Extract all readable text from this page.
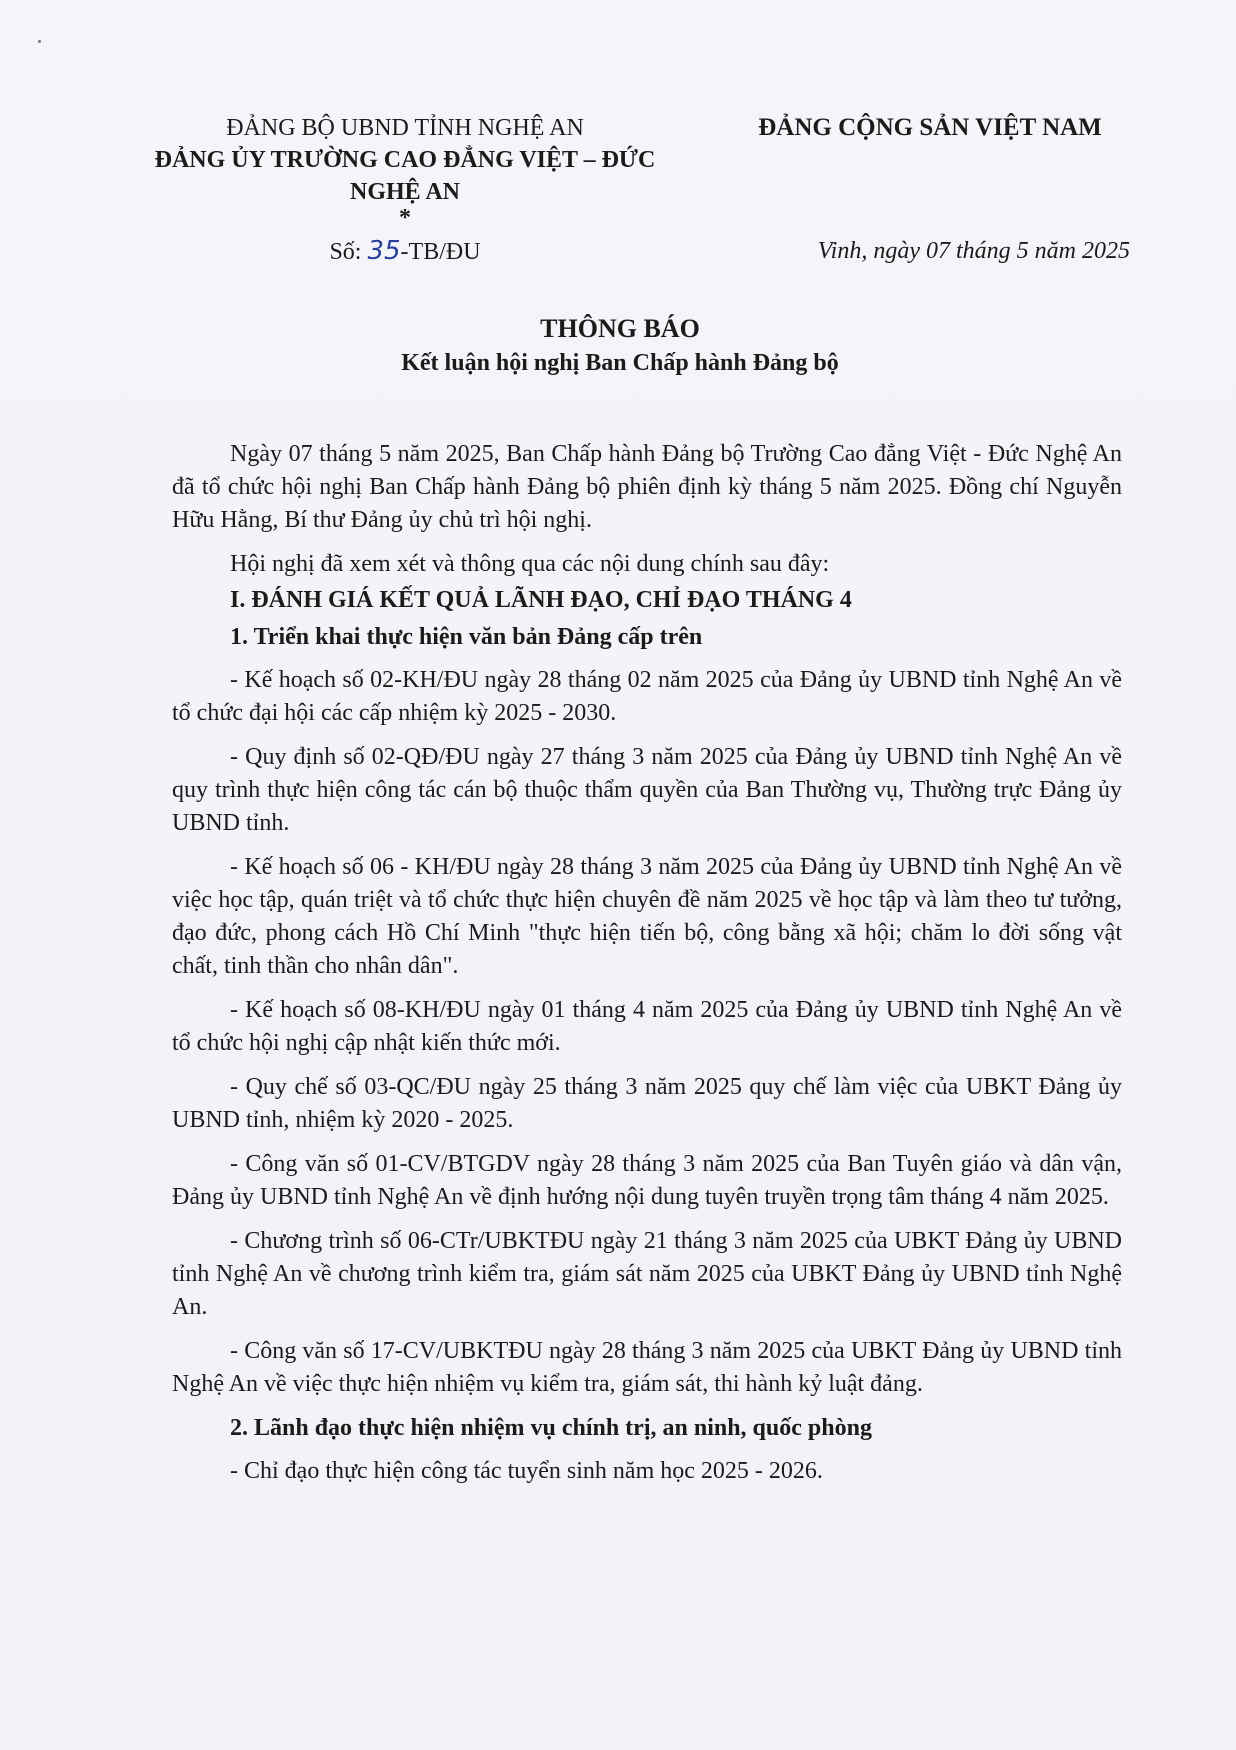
ĐẢNG BỘ UBND TỈNH NGHỆ AN
ĐẢNG ỦY TRƯỜNG CAO ĐẲNG VIỆT – ĐỨC
NGHỆ AN
*
ĐẢNG CỘNG SẢN VIỆT NAM
Số: 35-TB/ĐU	Vinh, ngày 07 tháng 5 năm 2025
THÔNG BÁO
Kết luận hội nghị Ban Chấp hành Đảng bộ

Ngày 07 tháng 5 năm 2025, Ban Chấp hành Đảng bộ Trường Cao đẳng Việt - Đức Nghệ An đã tổ chức hội nghị Ban Chấp hành Đảng bộ phiên định kỳ tháng 5 năm 2025. Đồng chí Nguyễn Hữu Hằng, Bí thư Đảng ủy chủ trì hội nghị.

Hội nghị đã xem xét và thông qua các nội dung chính sau đây:

I. ĐÁNH GIÁ KẾT QUẢ LÃNH ĐẠO, CHỈ ĐẠO THÁNG 4
1. Triển khai thực hiện văn bản Đảng cấp trên

- Kế hoạch số 02-KH/ĐU ngày 28 tháng 02 năm 2025 của Đảng ủy UBND tỉnh Nghệ An về tổ chức đại hội các cấp nhiệm kỳ 2025 - 2030.

- Quy định số 02-QĐ/ĐU ngày 27 tháng 3 năm 2025 của Đảng ủy UBND tỉnh Nghệ An về quy trình thực hiện công tác cán bộ thuộc thẩm quyền của Ban Thường vụ, Thường trực Đảng ủy UBND tỉnh.

- Kế hoạch số 06 - KH/ĐU ngày 28 tháng 3 năm 2025 của Đảng ủy UBND tỉnh Nghệ An về việc học tập, quán triệt và tổ chức thực hiện chuyên đề năm 2025 về học tập và làm theo tư tưởng, đạo đức, phong cách Hồ Chí Minh "thực hiện tiến bộ, công bằng xã hội; chăm lo đời sống vật chất, tinh thần cho nhân dân".

- Kế hoạch số 08-KH/ĐU ngày 01 tháng 4 năm 2025 của Đảng ủy UBND tỉnh Nghệ An về tổ chức hội nghị cập nhật kiến thức mới.

- Quy chế số 03-QC/ĐU ngày 25 tháng 3 năm 2025 quy chế làm việc của UBKT Đảng ủy UBND tỉnh, nhiệm kỳ 2020 - 2025.

- Công văn số 01-CV/BTGDV ngày 28 tháng 3 năm 2025 của Ban Tuyên giáo và dân vận, Đảng ủy UBND tỉnh Nghệ An về định hướng nội dung tuyên truyền trọng tâm tháng 4 năm 2025.

- Chương trình số 06-CTr/UBKTĐU ngày 21 tháng 3 năm 2025 của UBKT Đảng ủy UBND tỉnh Nghệ An về chương trình kiểm tra, giám sát năm 2025 của UBKT Đảng ủy UBND tỉnh Nghệ An.

- Công văn số 17-CV/UBKTĐU ngày 28 tháng 3 năm 2025 của UBKT Đảng ủy UBND tỉnh Nghệ An về việc thực hiện nhiệm vụ kiểm tra, giám sát, thi hành kỷ luật đảng.

2. Lãnh đạo thực hiện nhiệm vụ chính trị, an ninh, quốc phòng

- Chỉ đạo thực hiện công tác tuyển sinh năm học 2025 - 2026.
